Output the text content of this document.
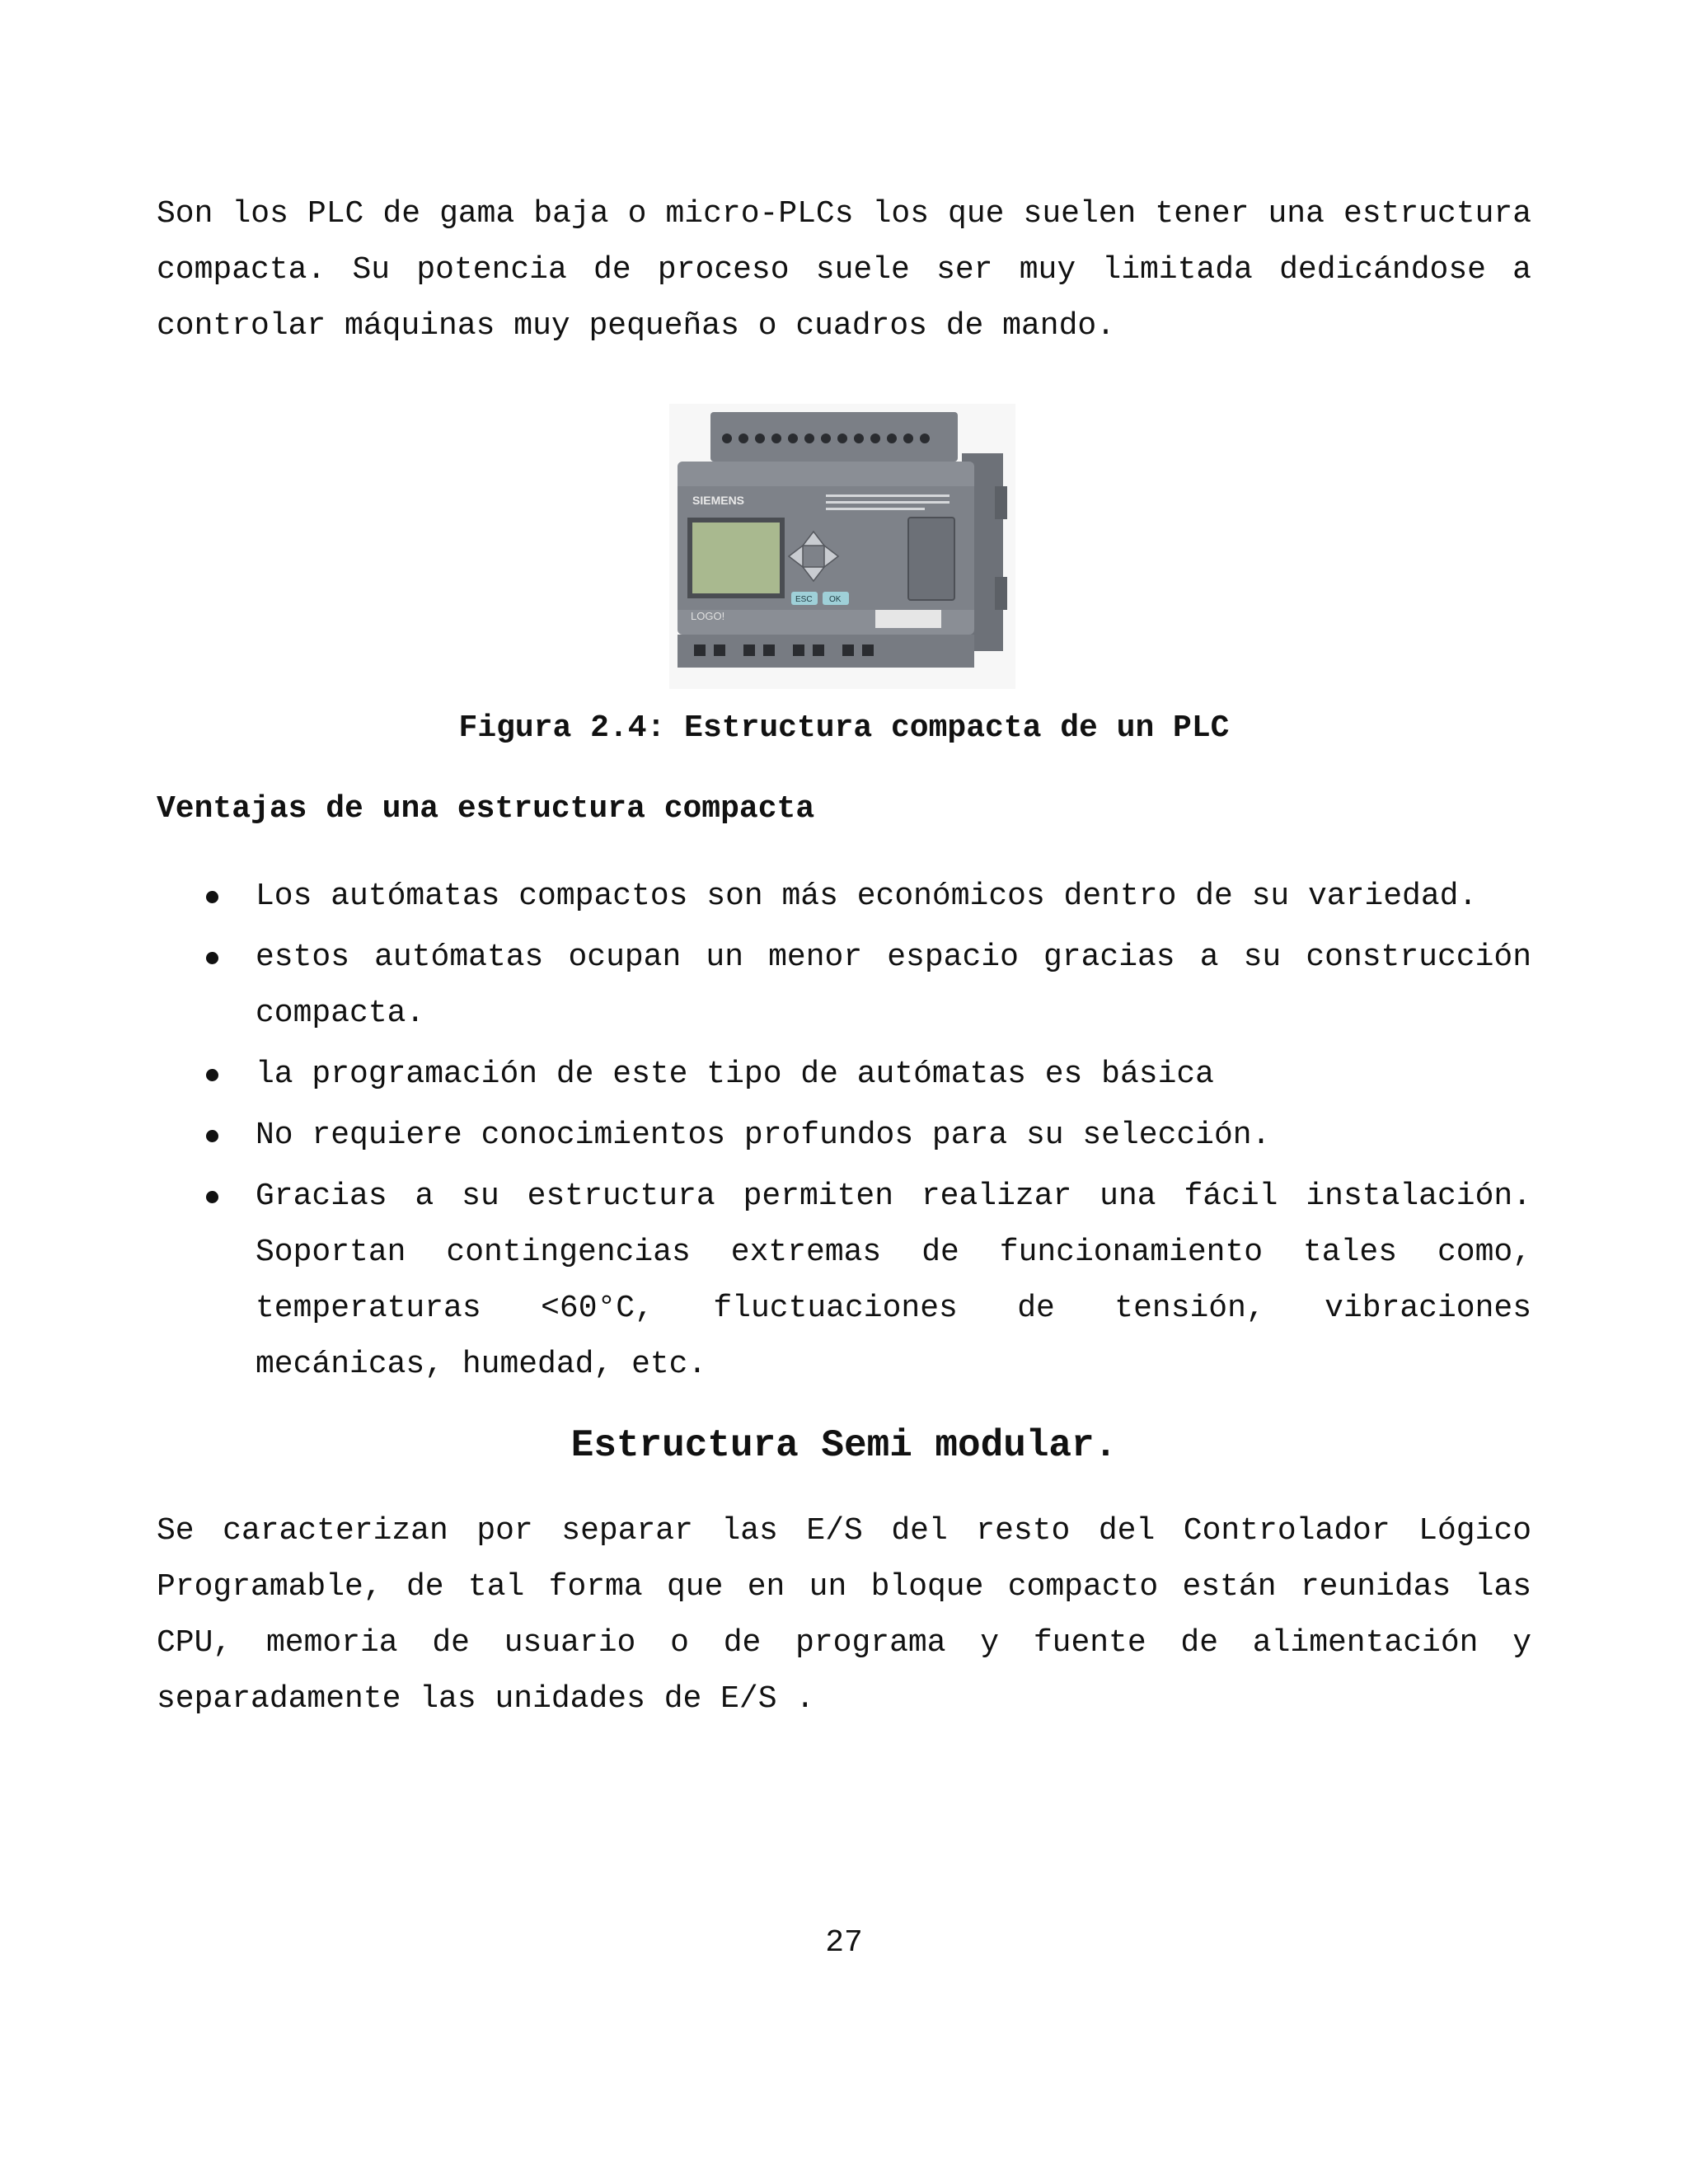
Son los PLC de gama baja o micro-PLCs los que suelen tener una estructura compacta. Su potencia de proceso suele ser muy limitada dedicándose a controlar máquinas muy pequeñas o cuadros de mando.

SIEMENS
LOGO!
ESC OK
Figura 2.4: Estructura compacta de un PLC
Ventajas de una estructura compacta
Los autómatas compactos son más económicos dentro de su variedad.
estos autómatas ocupan un menor espacio gracias a su construcción compacta.
la programación de este tipo de autómatas es básica
No requiere conocimientos profundos para su selección.
Gracias a su estructura permiten realizar una fácil instalación. Soportan contingencias extremas de funcionamiento tales como, temperaturas <60°C, fluctuaciones de tensión, vibraciones mecánicas, humedad, etc.
Estructura Semi modular.

Se caracterizan por separar las E/S del resto del Controlador Lógico Programable, de tal forma que en un bloque compacto están reunidas las CPU, memoria de usuario o de programa y fuente de alimentación y separadamente las unidades de E/S .

27
